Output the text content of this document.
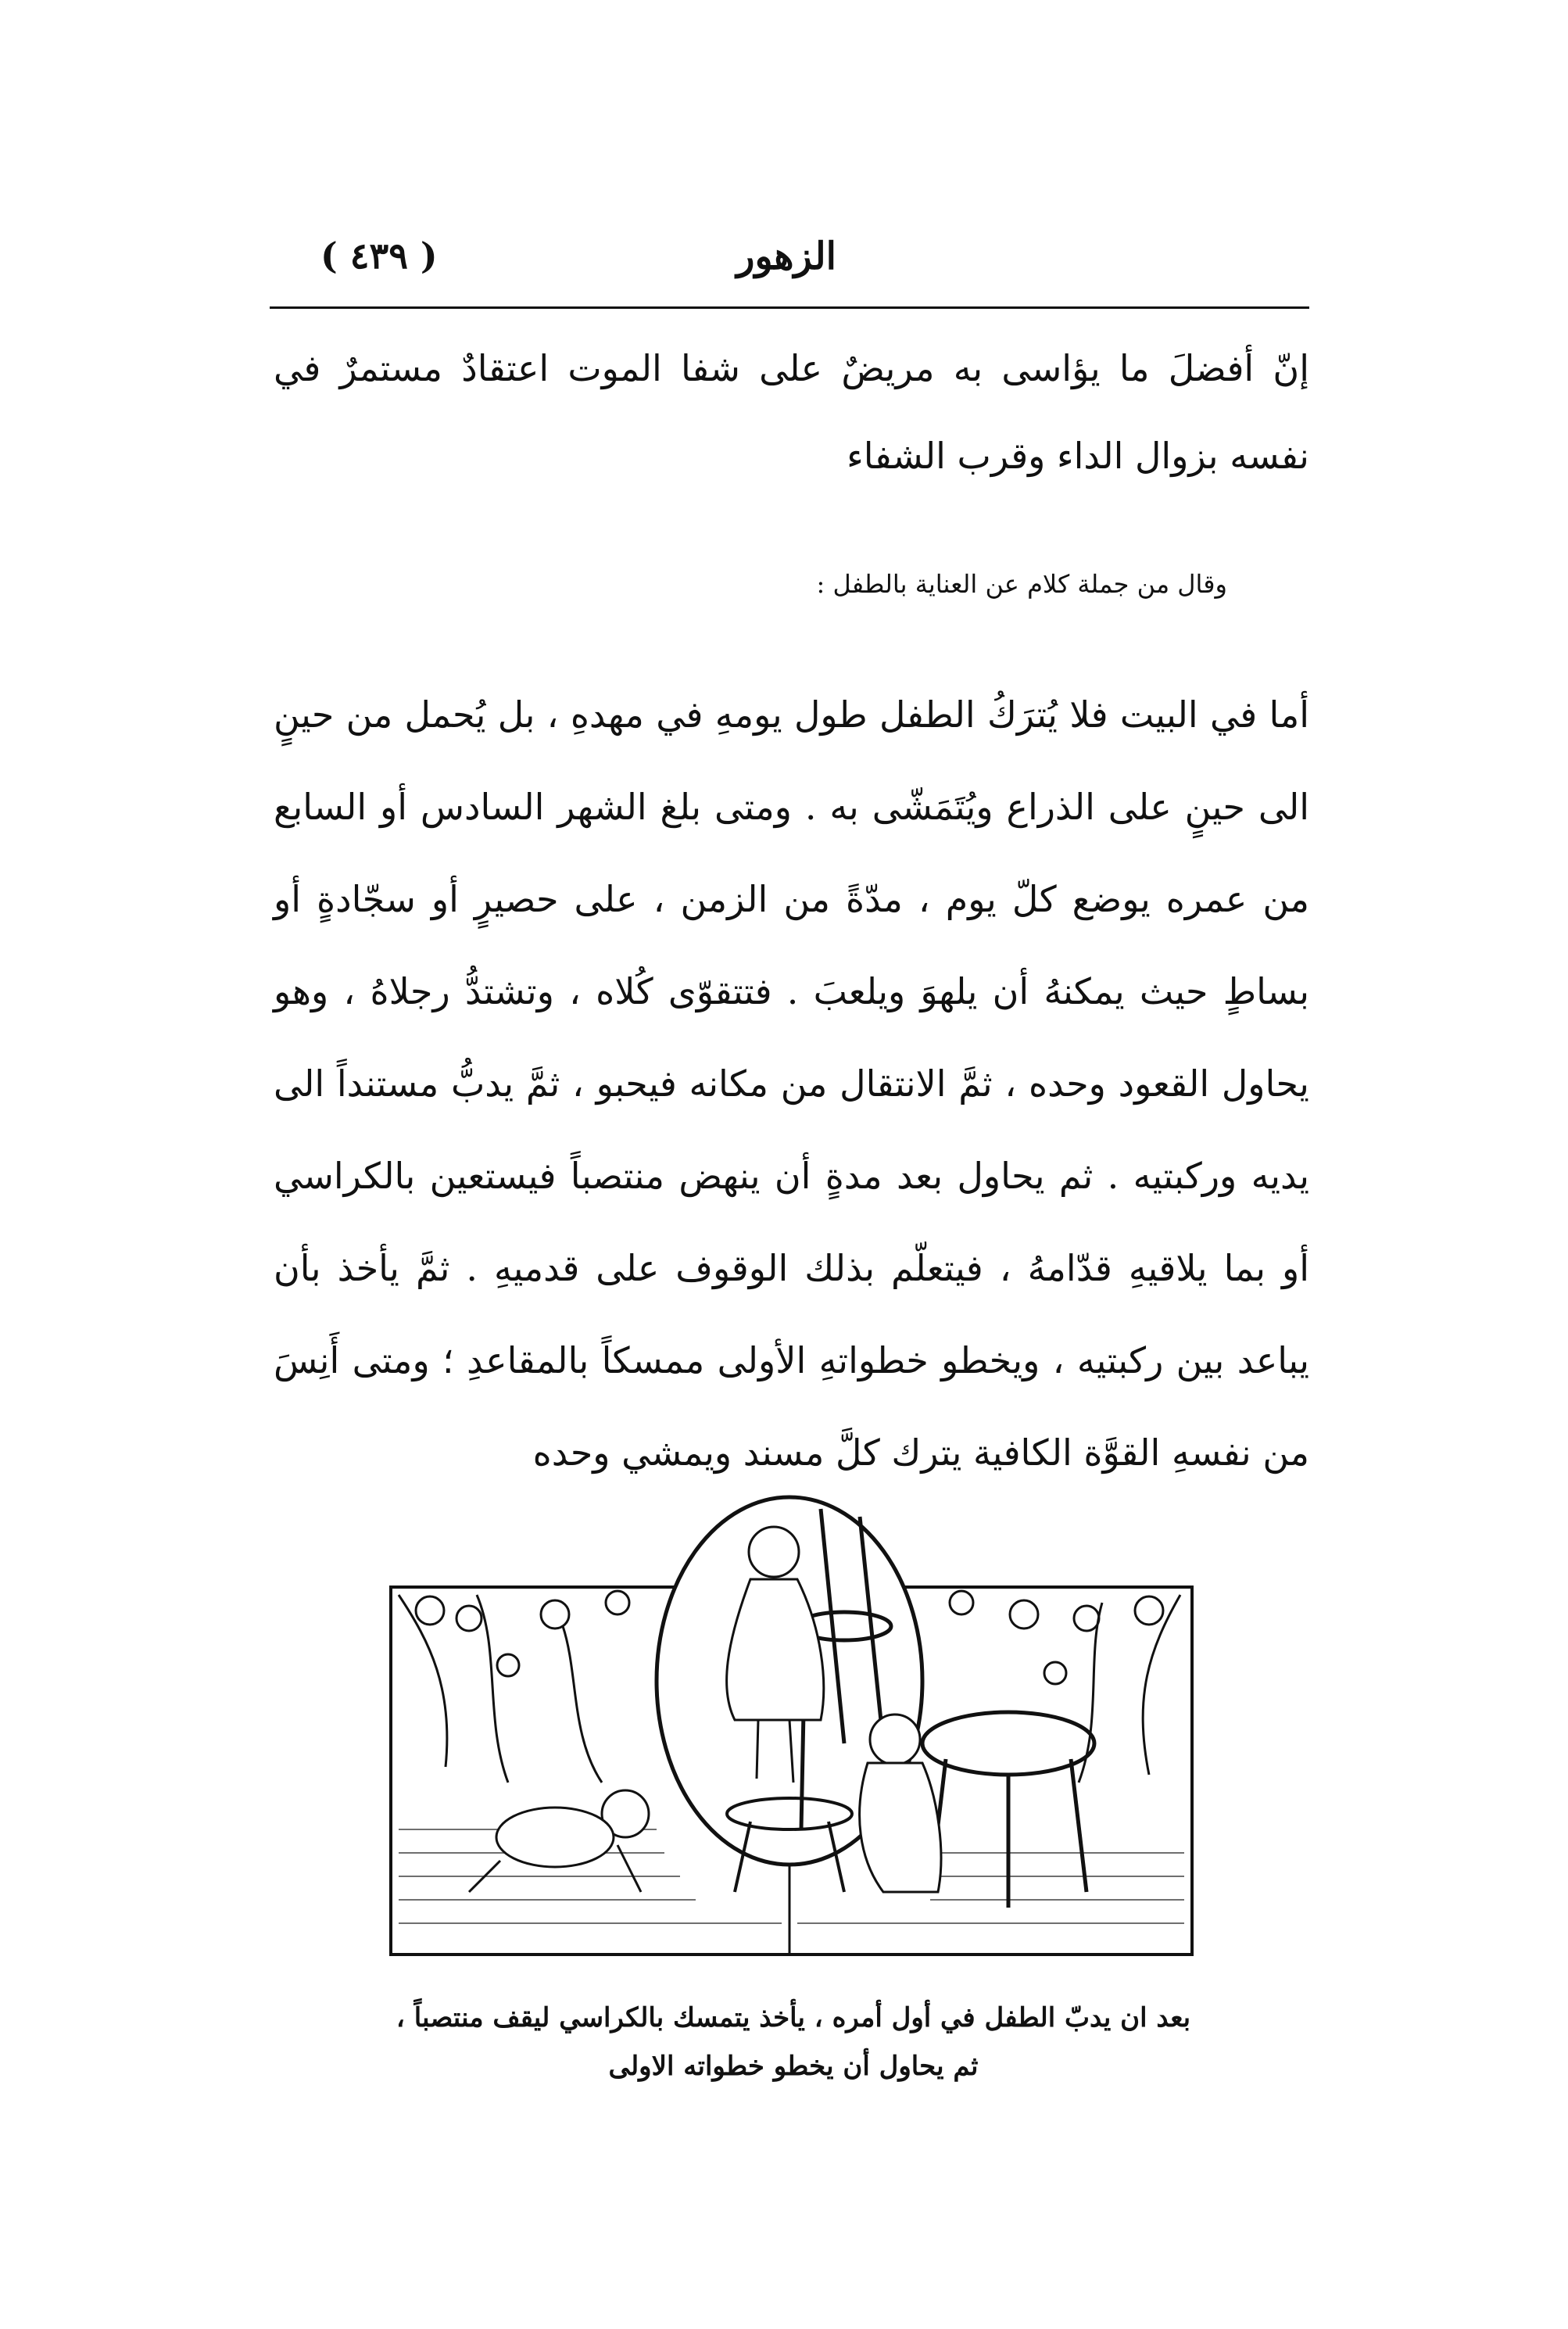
الزهور
( ٤٣٩ )
إنّ أفضلَ ما يؤاسى به مريضٌ على شفا الموت اعتقادٌ مستمرٌ في نفسه بزوال الداء وقرب الشفاء
وقال من جملة كلام عن العناية بالطفل :
أما في البيت فلا يُترَكُ الطفل طول يومهِ في مهدهِ ، بل يُحمل من حينٍ الى حينٍ على الذراع ويُتَمَشّى به . ومتى بلغ الشهر السادس أو السابع من عمره يوضع كلّ يوم ، مدّةً من الزمن ، على حصيرٍ أو سجّادةٍ أو بساطٍ حيث يمكنهُ أن يلهوَ ويلعبَ . فتتقوّى كُلاه ، وتشتدُّ رجلاهُ ، وهو يحاول القعود وحده ، ثمَّ الانتقال من مكانه فيحبو ، ثمَّ يدبُّ مستنداً الى يديه وركبتيه . ثم يحاول بعد مدةٍ أن ينهض منتصباً فيستعين بالكراسي أو بما يلاقيهِ قدّامهُ ، فيتعلّم بذلك الوقوف على قدميهِ . ثمَّ يأخذ بأن يباعد بين ركبتيه ، ويخطو خطواتهِ الأولى ممسكاً بالمقاعدِ ؛ ومتى أَنِسَ من نفسهِ القوَّة الكافية يترك كلَّ مسند ويمشي وحده
بعد ان يدبّ الطفل في أول أمره ، يأخذ يتمسك بالكراسي ليقف منتصباً ،
ثم يحاول أن يخطو خطواته الاولى
